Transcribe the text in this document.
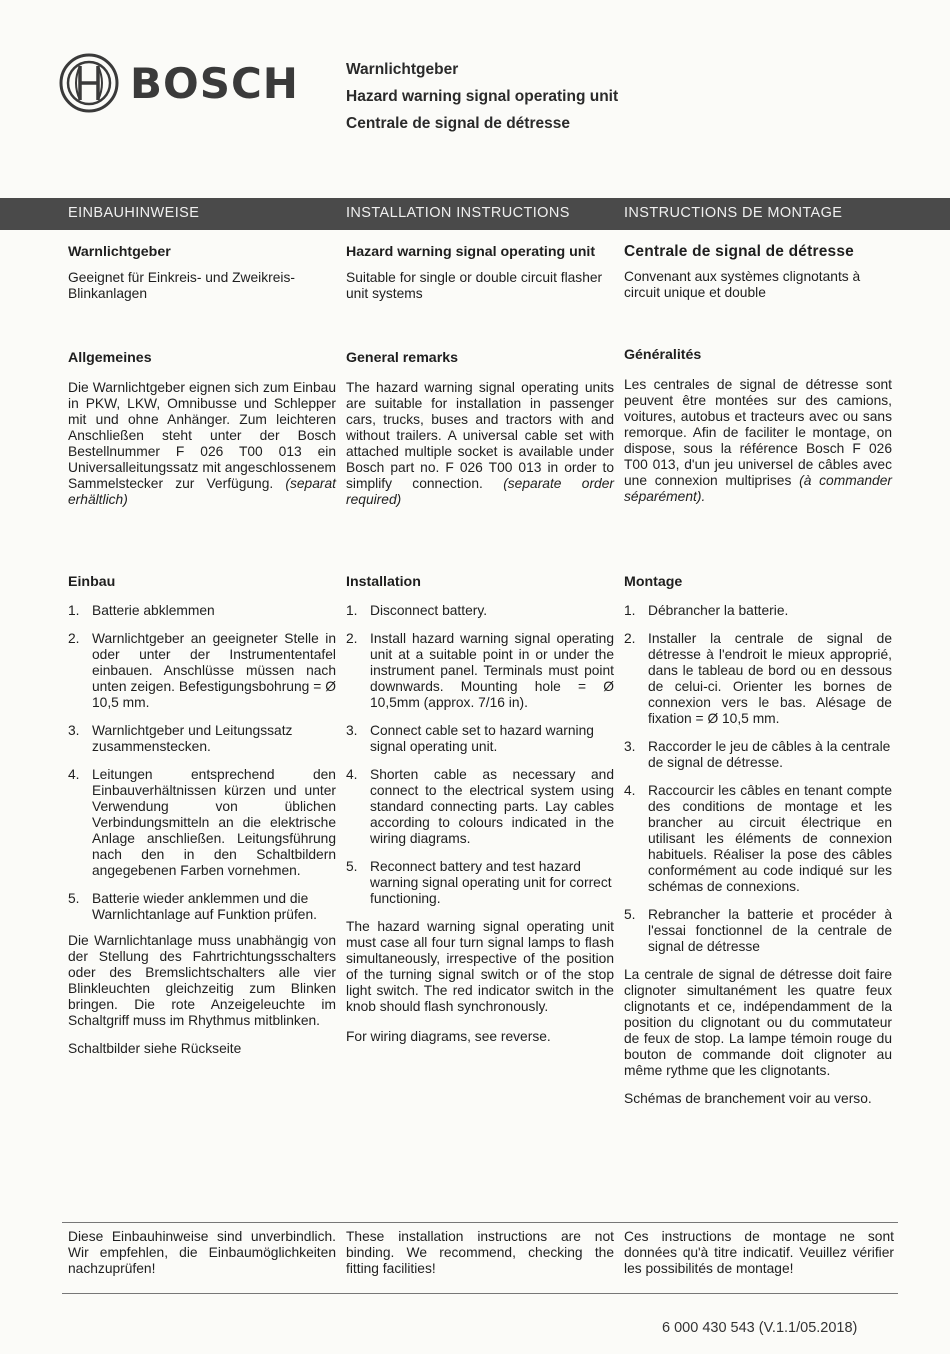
BOSCH	Warnlichtgeber
Hazard warning signal operating unit
Centrale de signal de détresse
EINBAUHINWEISE	INSTALLATION INSTRUCTIONS	INSTRUCTIONS DE MONTAGE
Warnlichtgeber

Geeignet für Einkreis- und Zweikreis-Blinkanlagen

Allgemeines

Die Warnlichtgeber eignen sich zum Einbau in PKW, LKW, Omnibusse und Schlepper mit und ohne Anhänger. Zum leichteren Anschließen steht unter der Bosch Bestellnummer F 026 T00 013 ein Universalleitungssatz mit angeschlossenem Sammelstecker zur Verfügung. (separat erhältlich)

Einbau
1. Batterie abklemmen
2. Warnlichtgeber an geeigneter Stelle in oder unter der Instrumententafel einbauen. Anschlüsse müssen nach unten zeigen. Befestigungsbohrung = Ø 10,5 mm.
3. Warnlichtgeber und Leitungssatz zusammenstecken.
4. Leitungen entsprechend den Einbauverhältnissen kürzen und unter Verwendung von üblichen Verbindungsmitteln an die elektrische Anlage anschließen. Leitungsführung nach den in den Schaltbildern angegebenen Farben vornehmen.
5. Batterie wieder anklemmen und die Warnlichtanlage auf Funktion prüfen.

Die Warnlichtanlage muss unabhängig von der Stellung des Fahrtrichtungsschalters oder des Bremslichtschalters alle vier Blinkleuchten gleichzeitig zum Blinken bringen. Die rote Anzeigeleuchte im Schaltgriff muss im Rhythmus mitblinken.

Schaltbilder siehe Rückseite

Hazard warning signal operating unit

Suitable for single or double circuit flasher unit systems

General remarks

The hazard warning signal operating units are suitable for installation in passenger cars, trucks, buses and tractors with and without trailers. A universal cable set with attached multiple socket is available under Bosch part no. F 026 T00 013 in order to simplify connection. (separate order required)

Installation
1. Disconnect battery.
2. Install hazard warning signal operating unit at a suitable point in or under the instrument panel. Terminals must point downwards. Mounting hole = Ø 10,5mm (approx. 7/16 in).
3. Connect cable set to hazard warning signal operating unit.
4. Shorten cable as necessary and connect to the electrical system using standard connecting parts. Lay cables according to colours indicated in the wiring diagrams.
5. Reconnect battery and test hazard warning signal operating unit for correct functioning.

The hazard warning signal operating unit must case all four turn signal lamps to flash simultaneously, irrespective of the position of the turning signal switch or of the stop light switch. The red indicator switch in the knob should flash synchronously.

For wiring diagrams, see reverse.

Centrale de signal de détresse

Convenant aux systèmes clignotants à circuit unique et double

Généralités

Les centrales de signal de détresse sont peuvent être montées sur des camions, voitures, autobus et tracteurs avec ou sans remorque. Afin de faciliter le montage, on dispose, sous la référence Bosch F 026 T00 013, d'un jeu universel de câbles avec une connexion multiprises (à commander séparément).

Montage
1. Débrancher la batterie.
2. Installer la centrale de signal de détresse à l'endroit le mieux approprié, dans le tableau de bord ou en dessous de celui-ci. Orienter les bornes de connexion vers le bas. Alésage de fixation = Ø 10,5 mm.
3. Raccorder le jeu de câbles à la centrale de signal de détresse.
4. Raccourcir les câbles en tenant compte des conditions de montage et les brancher au circuit électrique en utilisant les éléments de connexion habituels. Réaliser la pose des câbles conformément au code indiqué sur les schémas de connexions.
5. Rebrancher la batterie et procéder à l'essai fonctionnel de la centrale de signal de détresse

La centrale de signal de détresse doit faire clignoter simultanément les quatre feux clignotants et ce, indépendamment de la position du clignotant ou du commutateur de feux de stop. La lampe témoin rouge du bouton de commande doit clignoter au même rythme que les clignotants.

Schémas de branchement voir au verso.

Diese Einbauhinweise sind unverbindlich. Wir empfehlen, die Einbaumöglichkeiten nachzuprüfen!
These installation instructions are not binding. We recommend, checking the fitting facilities!
Ces instructions de montage ne sont données qu'à titre indicatif. Veuillez vérifier les possibilités de montage!
6 000 430 543 (V.1.1/05.2018)
